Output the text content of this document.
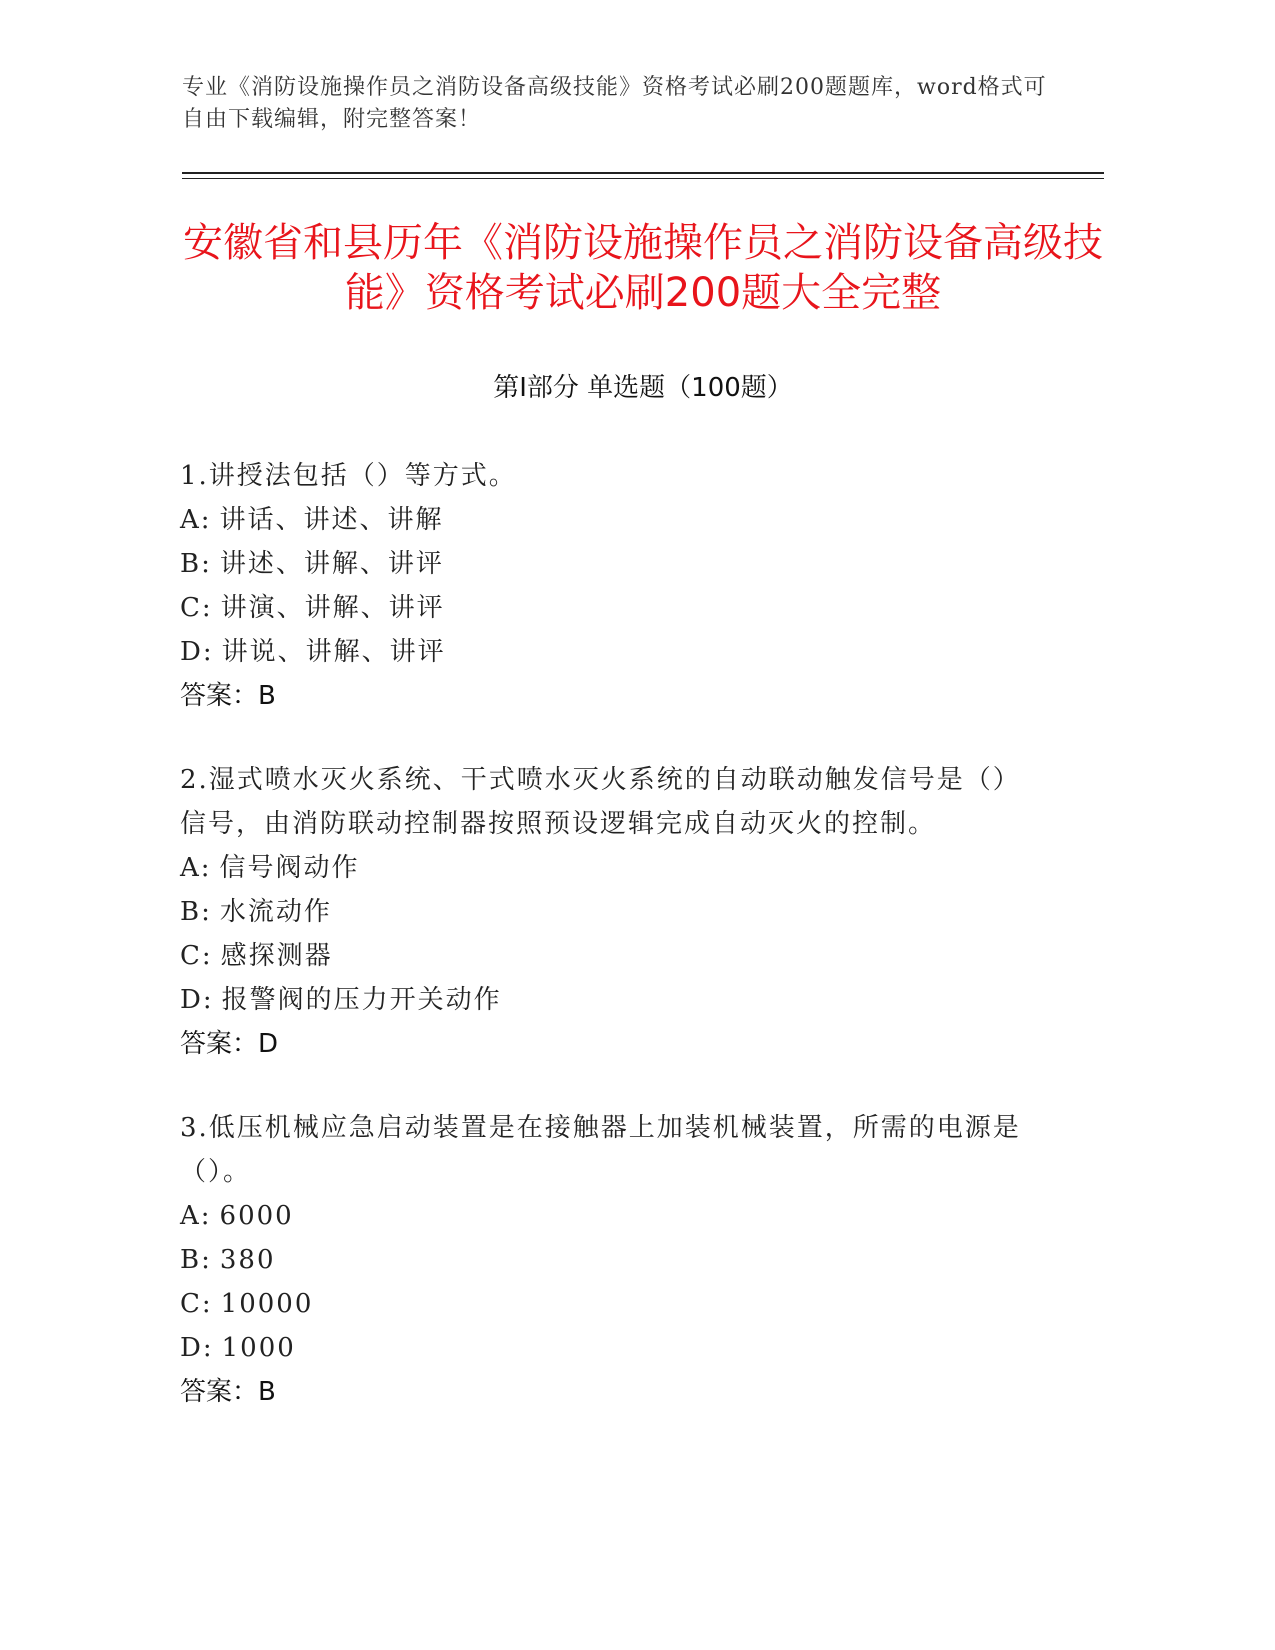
专业《消防设施操作员之消防设备高级技能》资格考试必刷200题题库，word格式可自由下载编辑，附完整答案！
安徽省和县历年《消防设施操作员之消防设备高级技能》资格考试必刷200题大全完整
第Ⅰ部分 单选题（100题）
1.讲授法包括（）等方式。
A: 讲话、讲述、讲解
B: 讲述、讲解、讲评
C: 讲演、讲解、讲评
D: 讲说、讲解、讲评
答案：B
2.湿式喷水灭火系统、干式喷水灭火系统的自动联动触发信号是（）信号，由消防联动控制器按照预设逻辑完成自动灭火的控制。
A: 信号阀动作
B: 水流动作
C: 感探测器
D: 报警阀的压力开关动作
答案：D
3.低压机械应急启动装置是在接触器上加装机械装置，所需的电源是（）。
A: 6000
B: 380
C: 10000
D: 1000
答案：B
